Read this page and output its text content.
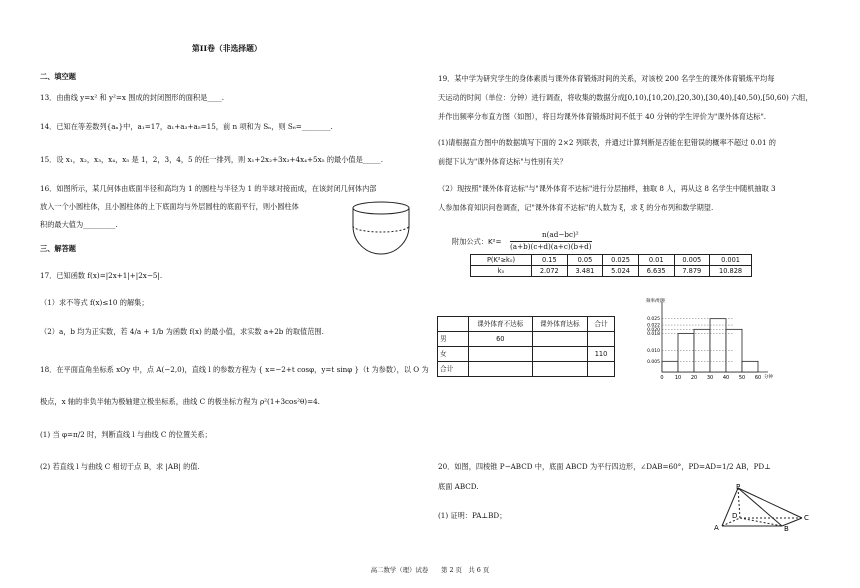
第II卷（非选择题）
二、填空题
13．由曲线 y=x² 和 y²=x 围成的封闭图形的面积是____.
14．已知在等差数列{aₙ}中，a₁=17，a₁+a₃+a₅=15，前 n 项和为 Sₙ，则 S₆=________.
15．设 x₁，x₂，x₃，x₄，x₅ 是 1，2，3，4，5 的任一排列，则 x₁+2x₂+3x₃+4x₄+5x₅ 的最小值是_____.
16．如图所示，某几何体由底面半径和高均为 1 的圆柱与半径为 1 的半球对接而成，在该封闭几何体内部
放入一个小圆柱体，且小圆柱体的上下底面均与外层圆柱的底面平行，则小圆柱体
积的最大值为_________.
三、解答题
17．已知函数 f(x)=|2x+1|+|2x−5|.
（1）求不等式 f(x)≤10 的解集；
（2）a，b 均为正实数，若 4/a + 1/b 为函数 f(x) 的最小值，求实数 a+2b 的取值范围.
18．在平面直角坐标系 xOy 中，点 A(−2,0)，直线 l 的参数方程为 { x=−2+t cosφ，y=t sinφ }（t 为参数），以 O 为
极点，x 轴的非负半轴为极轴建立极坐标系，曲线 C 的极坐标方程为 ρ²(1+3cos²θ)=4.
(1) 当 φ=π/2 时，判断直线 l 与曲线 C 的位置关系；
(2) 若直线 l 与曲线 C 相切于点 B，求 |AB| 的值.
19．某中学为研究学生的身体素质与课外体育锻炼时间的关系，对该校 200 名学生的课外体育锻炼平均每
天运动的时间（单位：分钟）进行调查，将收集的数据分成[0,10),[10,20),[20,30),[30,40),[40,50),[50,60) 六组，
并作出频率分布直方图（如图），将日均课外体育锻炼时间不低于 40 分钟的学生评价为"课外体育达标".
(1)请根据直方图中的数据填写下面的 2×2 列联表，并通过计算判断是否能在犯错误的概率不超过 0.01 的
前提下认为"课外体育达标"与性别有关？
（2）现按照"课外体育达标"与"课外体育不达标"进行分层抽样，抽取 8 人，再从这 8 名学生中随机抽取 3
人参加体育知识问卷调查，记"课外体育不达标"的人数为 ξ，求 ξ 的分布列和数学期望.
附加公式：K²=
n(ad−bc)²
(a+b)(c+d)(a+c)(b+d)
P(K²≥k₀)	0.15	0.05	0.025	0.01	0.005	0.001
k₀	2.072	3.481	5.024	6.635	7.879	10.828
	课外体育不达标	课外体育达标	合计
男	60		
女			110
合计			
频率/组距
分钟
0.025
0.022
0.020
0.018
0.010
0.005
0 10 20 30 40 50 60
20．如图，四棱锥 P−ABCD 中，底面 ABCD 为平行四边形，∠DAB=60°，PD=AD=1/2 AB，PD⊥
底面 ABCD.
(1) 证明：PA⊥BD；
P
A	B
C
D
高二数学（理）试卷　　第 2 页　共 6 页
